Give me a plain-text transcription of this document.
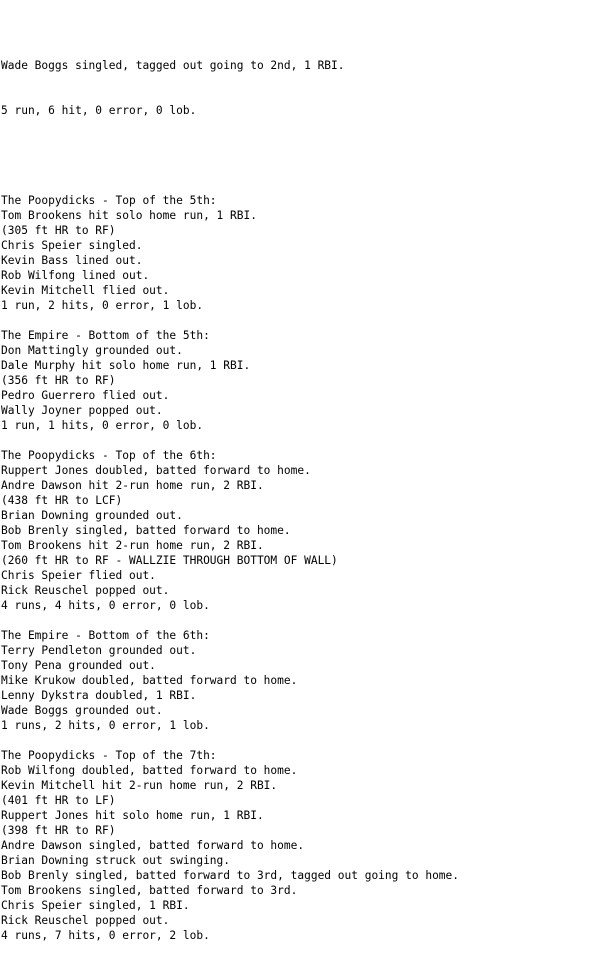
Wade Boggs singled, tagged out going to 2nd, 1 RBI.

5 run, 6 hit, 0 error, 0 lob.

The Poopydicks - Top of the 5th:
Tom Brookens hit solo home run, 1 RBI.
(305 ft HR to RF)
Chris Speier singled.
Kevin Bass lined out.
Rob Wilfong lined out.
Kevin Mitchell flied out.
1 run, 2 hits, 0 error, 1 lob.
The Empire - Bottom of the 5th:
Don Mattingly grounded out.
Dale Murphy hit solo home run, 1 RBI.
(356 ft HR to RF)
Pedro Guerrero flied out.
Wally Joyner popped out.
1 run, 1 hits, 0 error, 0 lob.
The Poopydicks - Top of the 6th:
Ruppert Jones doubled, batted forward to home.
Andre Dawson hit 2-run home run, 2 RBI.
(438 ft HR to LCF)
Brian Downing grounded out.
Bob Brenly singled, batted forward to home.
Tom Brookens hit 2-run home run, 2 RBI.
(260 ft HR to RF - WALLZIE THROUGH BOTTOM OF WALL)
Chris Speier flied out.
Rick Reuschel popped out.
4 runs, 4 hits, 0 error, 0 lob.
The Empire - Bottom of the 6th:
Terry Pendleton grounded out.
Tony Pena grounded out.
Mike Krukow doubled, batted forward to home.
Lenny Dykstra doubled, 1 RBI.
Wade Boggs grounded out.
1 runs, 2 hits, 0 error, 1 lob.
The Poopydicks - Top of the 7th:
Rob Wilfong doubled, batted forward to home.
Kevin Mitchell hit 2-run home run, 2 RBI.
(401 ft HR to LF)
Ruppert Jones hit solo home run, 1 RBI.
(398 ft HR to RF)
Andre Dawson singled, batted forward to home.
Brian Downing struck out swinging.
Bob Brenly singled, batted forward to 3rd, tagged out going to home.
Tom Brookens singled, batted forward to 3rd.
Chris Speier singled, 1 RBI.
Rick Reuschel popped out.
4 runs, 7 hits, 0 error, 2 lob.
